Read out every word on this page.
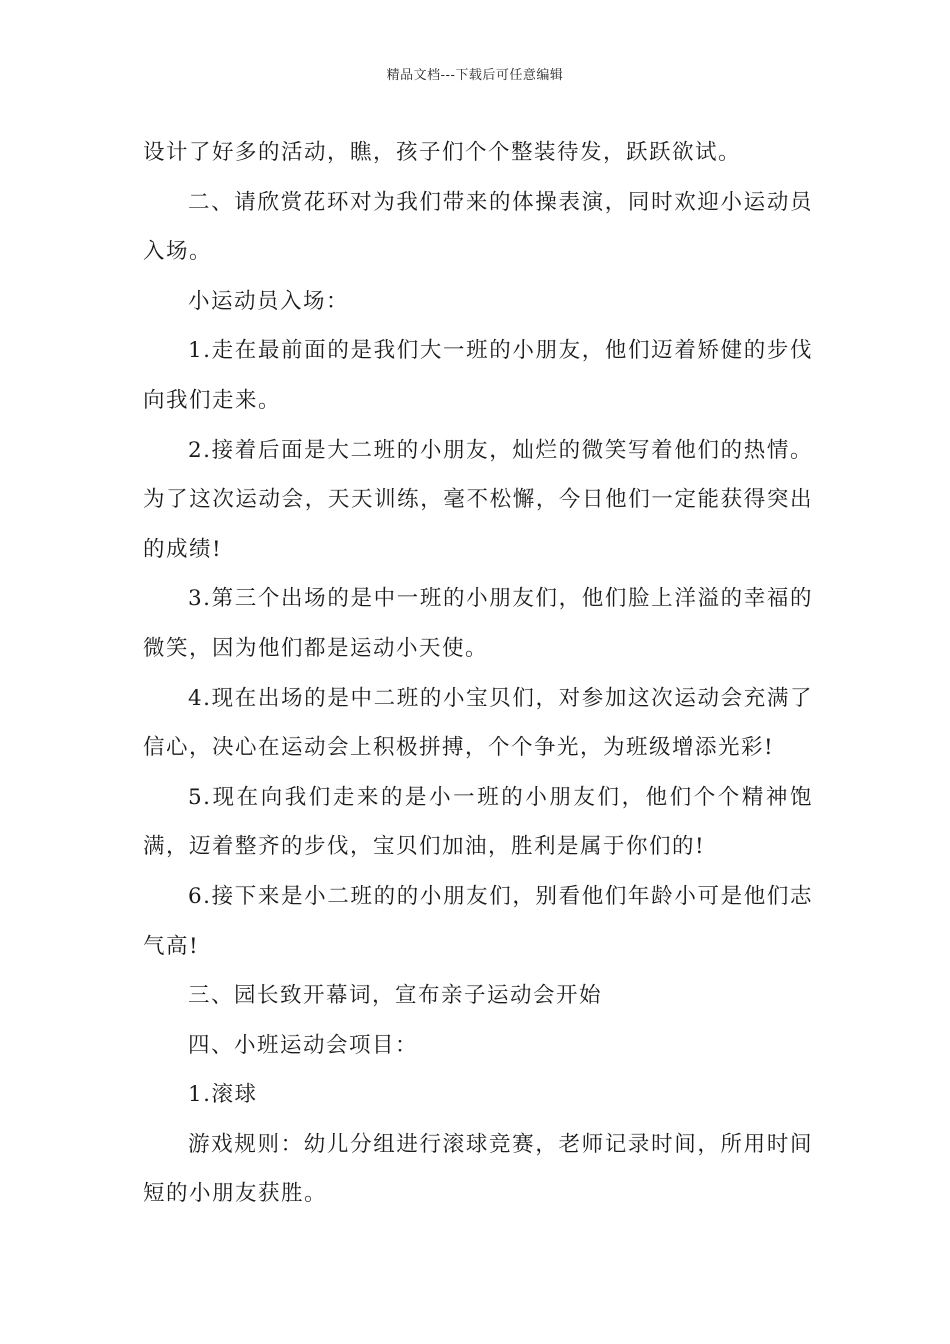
精品文档---下载后可任意编辑

设计了好多的活动，瞧，孩子们个个整装待发，跃跃欲试。

二、请欣赏花环对为我们带来的体操表演，同时欢迎小运动员入场。

小运动员入场：

1.走在最前面的是我们大一班的小朋友，他们迈着矫健的步伐向我们走来。

2.接着后面是大二班的小朋友，灿烂的微笑写着他们的热情。为了这次运动会，天天训练，毫不松懈，今日他们一定能获得突出的成绩!

3.第三个出场的是中一班的小朋友们，他们脸上洋溢的幸福的微笑，因为他们都是运动小天使。

4.现在出场的是中二班的小宝贝们，对参加这次运动会充满了信心，决心在运动会上积极拼搏，个个争光，为班级增添光彩!

5.现在向我们走来的是小一班的小朋友们，他们个个精神饱满，迈着整齐的步伐，宝贝们加油，胜利是属于你们的!

6.接下来是小二班的的小朋友们，别看他们年龄小可是他们志气高!

三、园长致开幕词，宣布亲子运动会开始

四、小班运动会项目：

1.滚球

游戏规则：幼儿分组进行滚球竞赛，老师记录时间，所用时间短的小朋友获胜。
